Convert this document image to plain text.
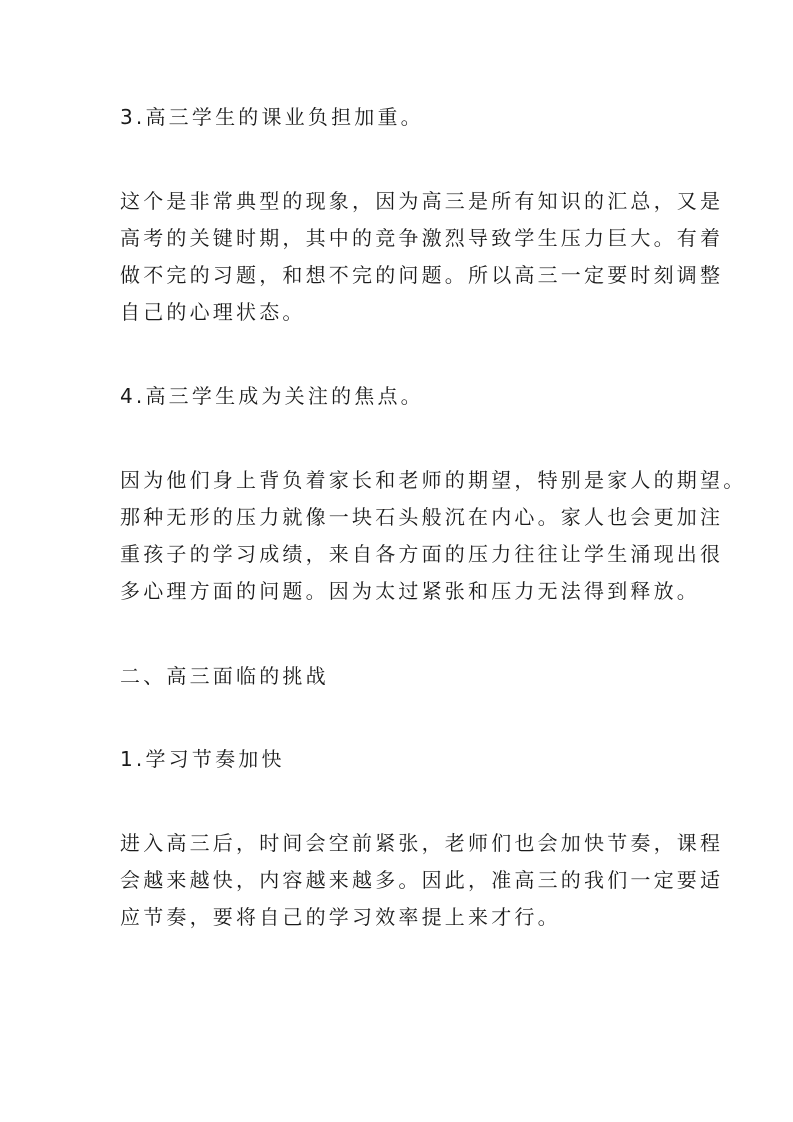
3.高三学生的课业负担加重。
这个是非常典型的现象，因为高三是所有知识的汇总，又是
高考的关键时期，其中的竞争激烈导致学生压力巨大。有着
做不完的习题，和想不完的问题。所以高三一定要时刻调整
自己的心理状态。
4.高三学生成为关注的焦点。
因为他们身上背负着家长和老师的期望，特别是家人的期望。
那种无形的压力就像一块石头般沉在内心。家人也会更加注
重孩子的学习成绩，来自各方面的压力往往让学生涌现出很
多心理方面的问题。因为太过紧张和压力无法得到释放。
二、高三面临的挑战
1.学习节奏加快
进入高三后，时间会空前紧张，老师们也会加快节奏，课程
会越来越快，内容越来越多。因此，准高三的我们一定要适
应节奏，要将自己的学习效率提上来才行。
